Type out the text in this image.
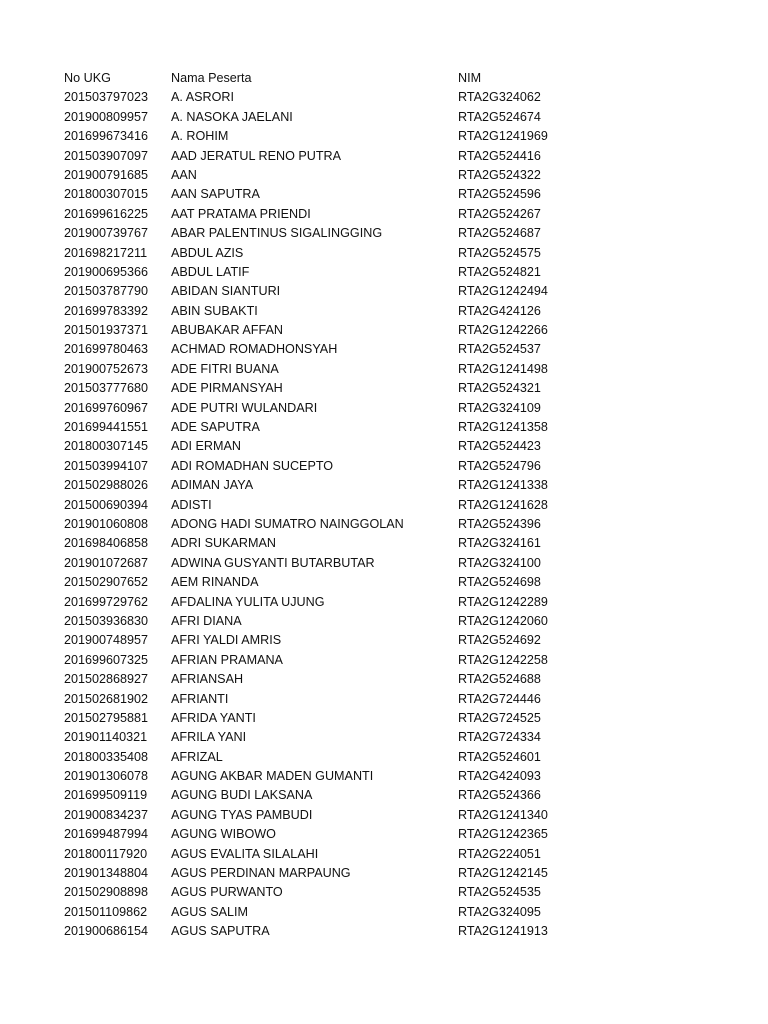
No UKG	Nama Peserta	NIM
201503797023	A. ASRORI	RTA2G324062
201900809957	A. NASOKA JAELANI	RTA2G524674
201699673416	A. ROHIM	RTA2G1241969
201503907097	AAD JERATUL RENO PUTRA	RTA2G524416
201900791685	AAN	RTA2G524322
201800307015	AAN SAPUTRA	RTA2G524596
201699616225	AAT PRATAMA PRIENDI	RTA2G524267
201900739767	ABAR PALENTINUS SIGALINGGING	RTA2G524687
201698217211	ABDUL AZIS	RTA2G524575
201900695366	ABDUL LATIF	RTA2G524821
201503787790	ABIDAN SIANTURI	RTA2G1242494
201699783392	ABIN SUBAKTI	RTA2G424126
201501937371	ABUBAKAR AFFAN	RTA2G1242266
201699780463	ACHMAD ROMADHONSYAH	RTA2G524537
201900752673	ADE FITRI BUANA	RTA2G1241498
201503777680	ADE PIRMANSYAH	RTA2G524321
201699760967	ADE PUTRI WULANDARI	RTA2G324109
201699441551	ADE SAPUTRA	RTA2G1241358
201800307145	ADI ERMAN	RTA2G524423
201503994107	ADI ROMADHAN SUCEPTO	RTA2G524796
201502988026	ADIMAN JAYA	RTA2G1241338
201500690394	ADISTI	RTA2G1241628
201901060808	ADONG HADI SUMATRO NAINGGOLAN	RTA2G524396
201698406858	ADRI SUKARMAN	RTA2G324161
201901072687	ADWINA GUSYANTI BUTARBUTAR	RTA2G324100
201502907652	AEM RINANDA	RTA2G524698
201699729762	AFDALINA YULITA UJUNG	RTA2G1242289
201503936830	AFRI DIANA	RTA2G1242060
201900748957	AFRI YALDI AMRIS	RTA2G524692
201699607325	AFRIAN PRAMANA	RTA2G1242258
201502868927	AFRIANSAH	RTA2G524688
201502681902	AFRIANTI	RTA2G724446
201502795881	AFRIDA YANTI	RTA2G724525
201901140321	AFRILA YANI	RTA2G724334
201800335408	AFRIZAL	RTA2G524601
201901306078	AGUNG AKBAR MADEN GUMANTI	RTA2G424093
201699509119	AGUNG BUDI LAKSANA	RTA2G524366
201900834237	AGUNG TYAS PAMBUDI	RTA2G1241340
201699487994	AGUNG WIBOWO	RTA2G1242365
201800117920	AGUS EVALITA SILALAHI	RTA2G224051
201901348804	AGUS PERDINAN MARPAUNG	RTA2G1242145
201502908898	AGUS PURWANTO	RTA2G524535
201501109862	AGUS SALIM	RTA2G324095
201900686154	AGUS SAPUTRA	RTA2G1241913
